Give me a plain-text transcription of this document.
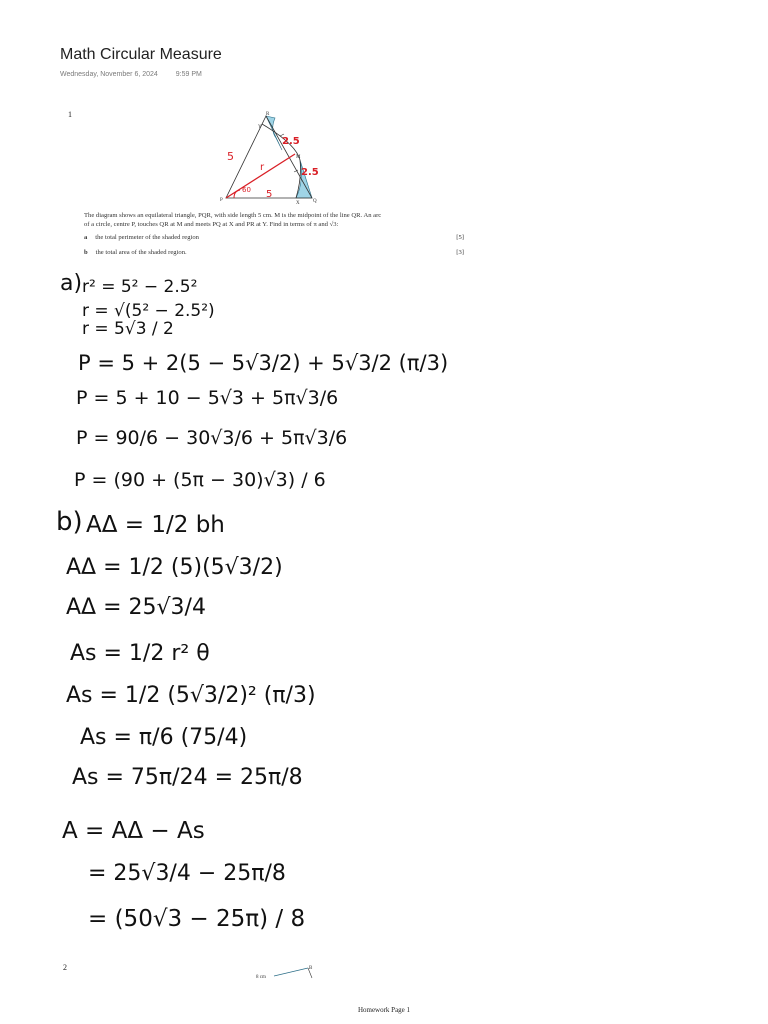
Math Circular Measure
Wednesday, November 6, 2024	9:59 PM
1	R
Y
M
P
X	Q
5
5
2.5
2.5
r
60

The diagram shows an equilateral triangle, PQR, with side length 5 cm. M is the midpoint of the line QR. An arc

of a circle, centre P, touches QR at M and meets PQ at X and PR at Y. Find in terms of π and √3:

a the total perimeter of the shaded region	[5]
b the total area of the shaded region.	[3]
a) r² = 5² − 2.5²
r = √(5² − 2.5²)
r = 5√3 / 2
P = 5 + 2(5 − 5√3/2) + 5√3/2 (π/3)
P = 5 + 10 − 5√3 + 5π√3/6
P = 90/6 − 30√3/6 + 5π√3/6
P = (90 + (5π − 30)√3) / 6
b) AΔ = 1/2 bh
AΔ = 1/2 (5)(5√3/2)
AΔ = 25√3/4
As = 1/2 r² θ
As = 1/2 (5√3/2)² (π/3)
As = π/6 (75/4)
As = 75π/24 = 25π/8
A = AΔ − As
= 25√3/4 − 25π/8
= (50√3 − 25π) / 8
2
8 cm
B
Homework Page 1
